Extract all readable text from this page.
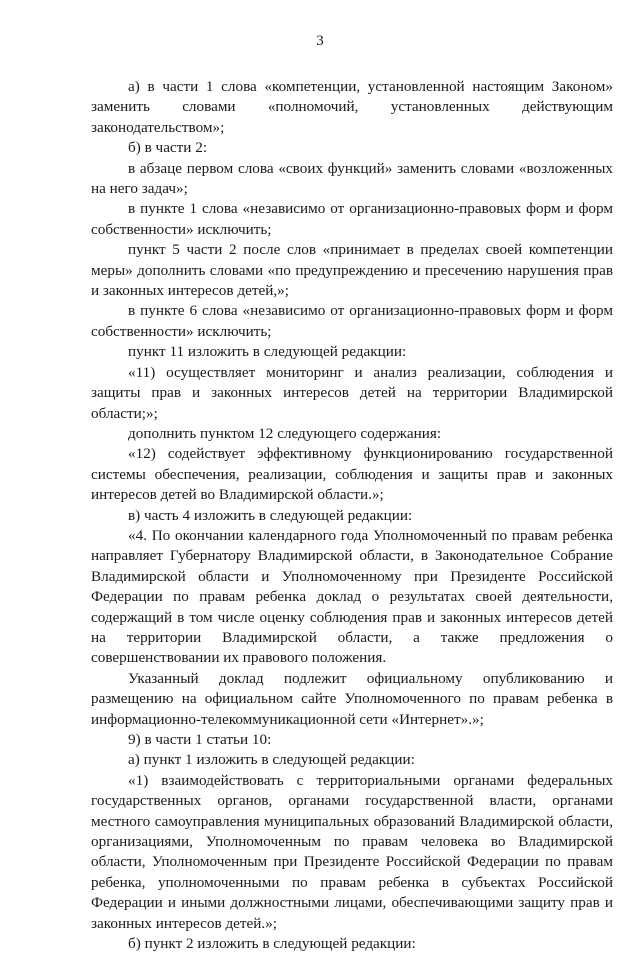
3

а) в части 1 слова «компетенции, установленной настоящим Законом» заменить словами «полномочий, установленных действующим законодательством»;

б) в части 2:

в абзаце первом слова «своих функций» заменить словами «возложенных на него задач»;

в пункте 1 слова «независимо от организационно-правовых форм и форм собственности» исключить;

пункт 5 части 2 после слов «принимает в пределах своей компетенции меры» дополнить словами «по предупреждению и пресечению нарушения прав и законных интересов детей,»;

в пункте 6 слова «независимо от организационно-правовых форм и форм собственности» исключить;

пункт 11 изложить в следующей редакции:

«11) осуществляет мониторинг и анализ реализации, соблюдения и защиты прав и законных интересов детей на территории Владимирской области;»;

дополнить пунктом 12 следующего содержания:

«12) содействует эффективному функционированию государственной системы обеспечения, реализации, соблюдения и защиты прав и законных интересов детей во Владимирской области.»;

в) часть 4 изложить в следующей редакции:

«4. По окончании календарного года Уполномоченный по правам ребенка направляет Губернатору Владимирской области, в Законодательное Собрание Владимирской области и Уполномоченному при Президенте Российской Федерации по правам ребенка доклад о результатах своей деятельности, содержащий в том числе оценку соблюдения прав и законных интересов детей на территории Владимирской области, а также предложения о совершенствовании их правового положения.

Указанный доклад подлежит официальному опубликованию и размещению на официальном сайте Уполномоченного по правам ребенка в информационно-телекоммуникационной сети «Интернет».»;

9) в части 1 статьи 10:

а) пункт 1 изложить в следующей редакции:

«1) взаимодействовать с территориальными органами федеральных государственных органов, органами государственной власти, органами местного самоуправления муниципальных образований Владимирской области, организациями, Уполномоченным по правам человека во Владимирской области, Уполномоченным при Президенте Российской Федерации по правам ребенка, уполномоченными по правам ребенка в субъектах Российской Федерации и иными должностными лицами, обеспечивающими защиту прав и законных интересов детей.»;

б) пункт 2 изложить в следующей редакции:
